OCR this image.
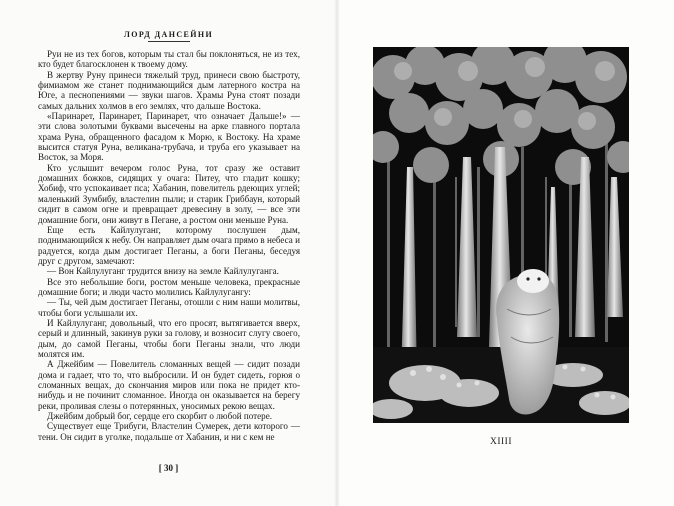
ЛОРД ДАНСЕЙНИ

Руи не из тех богов, которым ты стал бы поклоняться, не из тех, кто будет благосклонен к твоему дому.

В жертву Руну принеси тяжелый труд, принеси свою быстроту, фимиамом же станет поднимающийся дым латерного костра на Юге, а песнопениями — звуки шагов. Храмы Руна стоят позади самых дальних холмов в его землях, что дальше Востока.

«Паринарет, Паринарет, Паринарет, что означает Дальше!» — эти слова золотыми буквами высечены на арке главного портала храма Руна, обращенного фасадом к Морю, к Востоку. На храме высится статуя Руна, великана-трубача, и труба его указывает на Восток, за Моря.

Кто услышит вечером голос Руна, тот сразу же оставит домашних божков, сидящих у очага: Питеу, что гладит кошку; Хобиф, что успокаивает пса; Хабанин, повелитель рдеющих углей; маленький Зумбибу, властелин пыли; и старик Гриббаун, который сидит в самом огне и превращает древесину в золу, — все эти домашние боги, они живут в Пегане, а ростом они меньше Руна.

Еще есть Кайлулуганг, которому послушен дым, поднимающийся к небу. Он направляет дым очага прямо в небеса и радуется, когда дым достигает Пеганы, а боги Пеганы, беседуя друг с другом, замечают:

— Вон Кайлулуганг трудится внизу на земле Кайлулуганга.

Все это небольшие боги, ростом меньше человека, прекрасные домашние боги; и люди часто молились Кайлулугангу:

— Ты, чей дым достигает Пеганы, отошли с ним наши молитвы, чтобы боги услышали их.

И Кайлулуганг, довольный, что его просят, вытягивается вверх, серый и длинный, закинув руки за голову, и возносит слугу своего, дым, до самой Пеганы, чтобы боги Пеганы знали, что люди молятся им.

А Джейбим — Повелитель сломанных вещей — сидит позади дома и гадает, что то, что выбросили. И он будет сидеть, горюя о сломанных вещах, до скончания миров или пока не придет кто-нибудь и не починит сломанное. Иногда он оказывается на берегу реки, проливая слезы о потерянных, уносимых рекою вещах.

Джейбим добрый бог, сердце его скорбит о любой потере.

Существует еще Трибуги, Властелин Сумерек, дети которого — тени. Он сидит в уголке, подальше от Хабанин, и ни с кем не

[ 30 ]
XIIII
